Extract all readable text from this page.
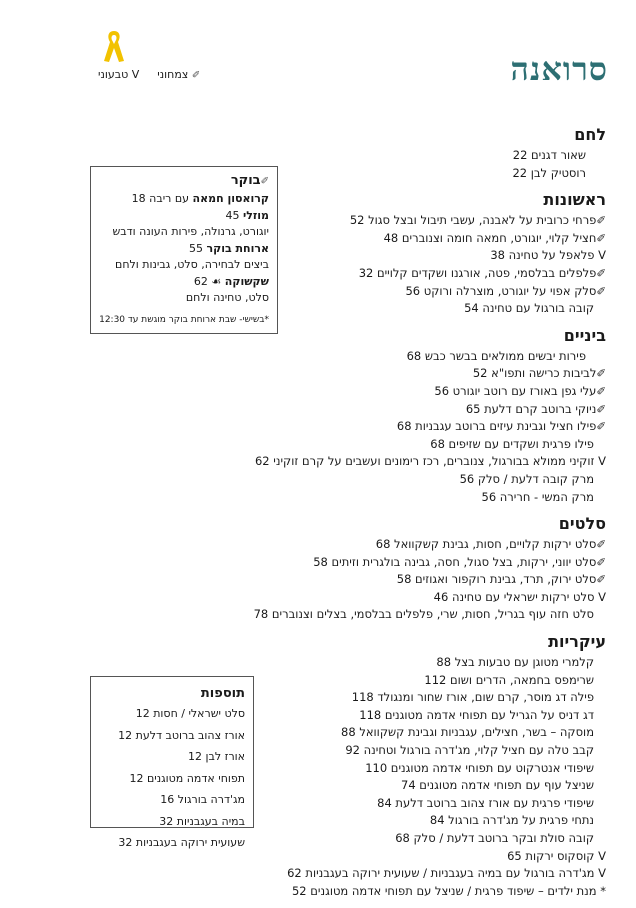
סרואנה
✐ צמחוני
V טבעוני
לחם
שאור דגנים 22
רוסטיק לבן 22
ראשונות
✐פרחי כרובית על לאבנה, עשבי תיבול ובצל סגול 52
✐חציל קלוי, יוגורט, חמאה חומה וצנוברים 48
V פלאפל על טחינה 38
✐פלפלים בבלסמי, פטה, אורגנו ושקדים קלויים 32
✐סלק אפוי על יוגורט, מוצרלה ורוקט 56
קובה בורגול עם טחינה 54
ביניים
פירות יבשים ממולאים בבשר כבש 68
✐לביבות כרישה ותפו"א 52
✐עלי גפן באורז עם רוטב יוגורט 56
✐ניוקי ברוטב קרם דלעת 65
✐פילו חציל וגבינת עיזים ברוטב עגבניות 68
פילו פרגית ושקדים עם שזיפים 68
V זוקיני ממולא בבורגול, צנוברים, רכז רימונים ועשבים על קרם זוקיני 62
מרק קובה דלעת / סלק 56
מרק המשי - חרירה 56
סלטים
✐סלט ירקות קלויים, חסות, גבינת קשקוואל 68
✐סלט יווני, ירקות, בצל סגול, חסה, גבינה בולגרית וזיתים 58
✐סלט ירוק, תרד, גבינת רוקפור ואגוזים 58
V סלט ירקות ישראלי עם טחינה 46
סלט חזה עוף בגריל, חסות, שרי, פלפלים בבלסמי, בצלים וצנוברים 78
עיקריות
קלמרי מטוגן עם טבעות בצל 88
שרימפס בחמאה, הדרים ושום 112
פילה דג מוסר, קרם שום, אורז שחור ומנגולד 118
דג דניס על הגריל עם תפוחי אדמה מטוגנים 118
מוסקה – בשר, חצילים, עגבניות וגבינת קשקוואל 88
קבב טלה עם חציל קלוי, מג'דרה בורגול וטחינה 92
שיפודי אנטרקוט עם תפוחי אדמה מטוגנים 110
שניצל עוף עם תפוחי אדמה מטוגנים 74
שיפודי פרגית עם אורז צהוב ברוטב דלעת 84
נתחי פרגית על מג'דרה בורגול 84
קובה סולת ובקר ברוטב דלעת / סלק 68
V קוסקוס ירקות 65
V מג'דרה בורגול עם במיה בעגבניות / שעועית ירוקה בעגבניות 62
* מנת ילדים – שיפוד פרגית / שניצל עם תפוחי אדמה מטוגנים 52
✐בוקר
קרואסון חמאה עם ריבה 18
מוזלי 45
יוגורט, גרנולה, פירות העונה ודבש
ארוחת בוקר 55
ביצים לבחירה, סלט, גבינות ולחם
שקשוקה ☙ 62
סלט, טחינה ולחם
*בשישי- שבת ארוחת בוקר מוגשת עד 12:30
תוספות
סלט ישראלי / חסות 12
אורז צהוב ברוטב דלעת 12
אורז לבן 12
תפוחי אדמה מטוגנים 12
מג'דרה בורגול 16
במיה בעגבניות 32
שעועית ירוקה בעגבניות 32
